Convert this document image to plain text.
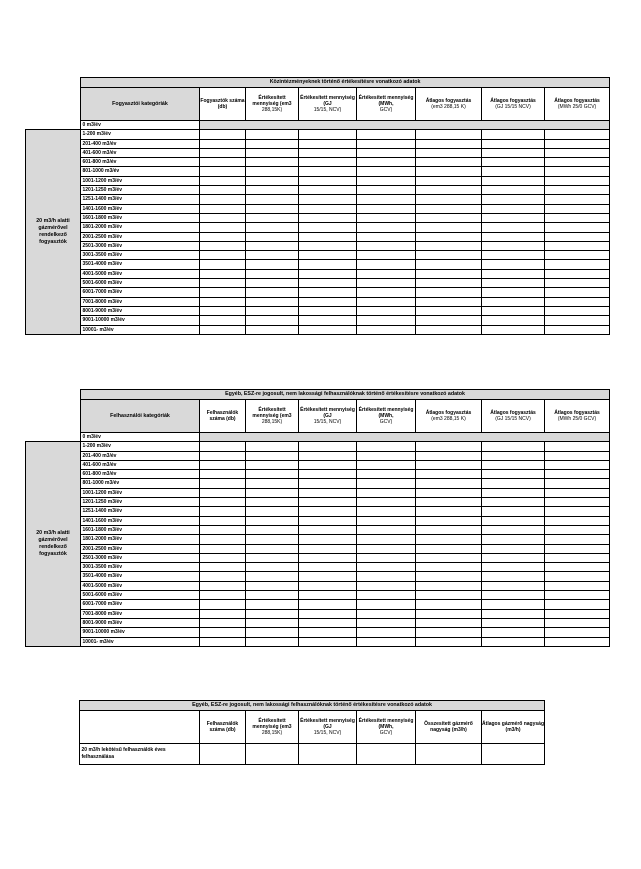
	Közintézményeknek történő értékesítésre vonatkozó adatok							
	Fogyasztói kategóriák	Fogyasztók száma (db)	Értékesített mennyiség (em3
288,15K)	Értékesített mennyiség (GJ
15/15, NCV)	Értékesített mennyiség (MWh,
GCV)	Átlagos fogyasztás
(em3 288,15 K)	Átlagos fogyasztás
(GJ 15/15 NCV)	Átlagos fogyasztás
(MWh 25/0 GCV)
	0 m3/év							

20 m3/h alatti
gázmérővel
rendelkező
fogyasztók	1-200 m3/év							
	201-400 m3/év							
	401-600 m3/év							
	601-800 m3/év							
	801-1000 m3/év							
	1001-1200 m3/év							
	1201-1250 m3/év							
	1251-1400 m3/év							
	1401-1600 m3/év							
	1601-1800 m3/év							
	1801-2000 m3/év							
	2001-2500 m3/év							
	2501-3000 m3/év							
	3001-3500 m3/év							
	3501-4000 m3/év							
	4001-5000 m3/év							
	5001-6000 m3/év							
	6001-7000 m3/év							
	7001-8000 m3/év							
	8001-9000 m3/év							
	9001-10000 m3/év							
	10001- m3/év							
	Egyéb, ESZ-re jogosult, nem lakossági felhasználóknak történő értékesítésre vonatkozó adatok							
	Felhasználói kategóriák	Felhasználók száma (db)	Értékesített mennyiség (em3
288,15K)	Értékesített mennyiség (GJ
15/15, NCV)	Értékesített mennyiség (MWh,
GCV)	Átlagos fogyasztás
(em3 288,15 K)	Átlagos fogyasztás
(GJ 15/15 NCV)	Átlagos fogyasztás
(MWh 25/0 GCV)
	0 m3/év							

20 m3/h alatti
gázmérővel
rendelkező
fogyasztók	1-200 m3/év							
	201-400 m3/év							
	401-600 m3/év							
	601-800 m3/év							
	801-1000 m3/év							
	1001-1200 m3/év							
	1201-1250 m3/év							
	1251-1400 m3/év							
	1401-1600 m3/év							
	1601-1800 m3/év							
	1801-2000 m3/év							
	2001-2500 m3/év							
	2501-3000 m3/év							
	3001-3500 m3/év							
	3501-4000 m3/év							
	4001-5000 m3/év							
	5001-6000 m3/év							
	6001-7000 m3/év							
	7001-8000 m3/év							
	8001-9000 m3/év							
	9001-10000 m3/év							
	10001- m3/év							
Egyéb, ESZ-re jogosult, nem lakossági felhasználóknak történő értékesítésre vonatkozó adatok						
	Felhasználók száma (db)	Értékesített mennyiség (em3
288,15K)	Értékesített mennyiség (GJ
15/15, NCV)	Értékesített mennyiség (MWh,
GCV)	Összesített gázmérő nagyság (m3/h)	Átlagos gázmérő nagyság (m3/h)
20 m3/h lekötésű felhasználók éves felhasználása						
